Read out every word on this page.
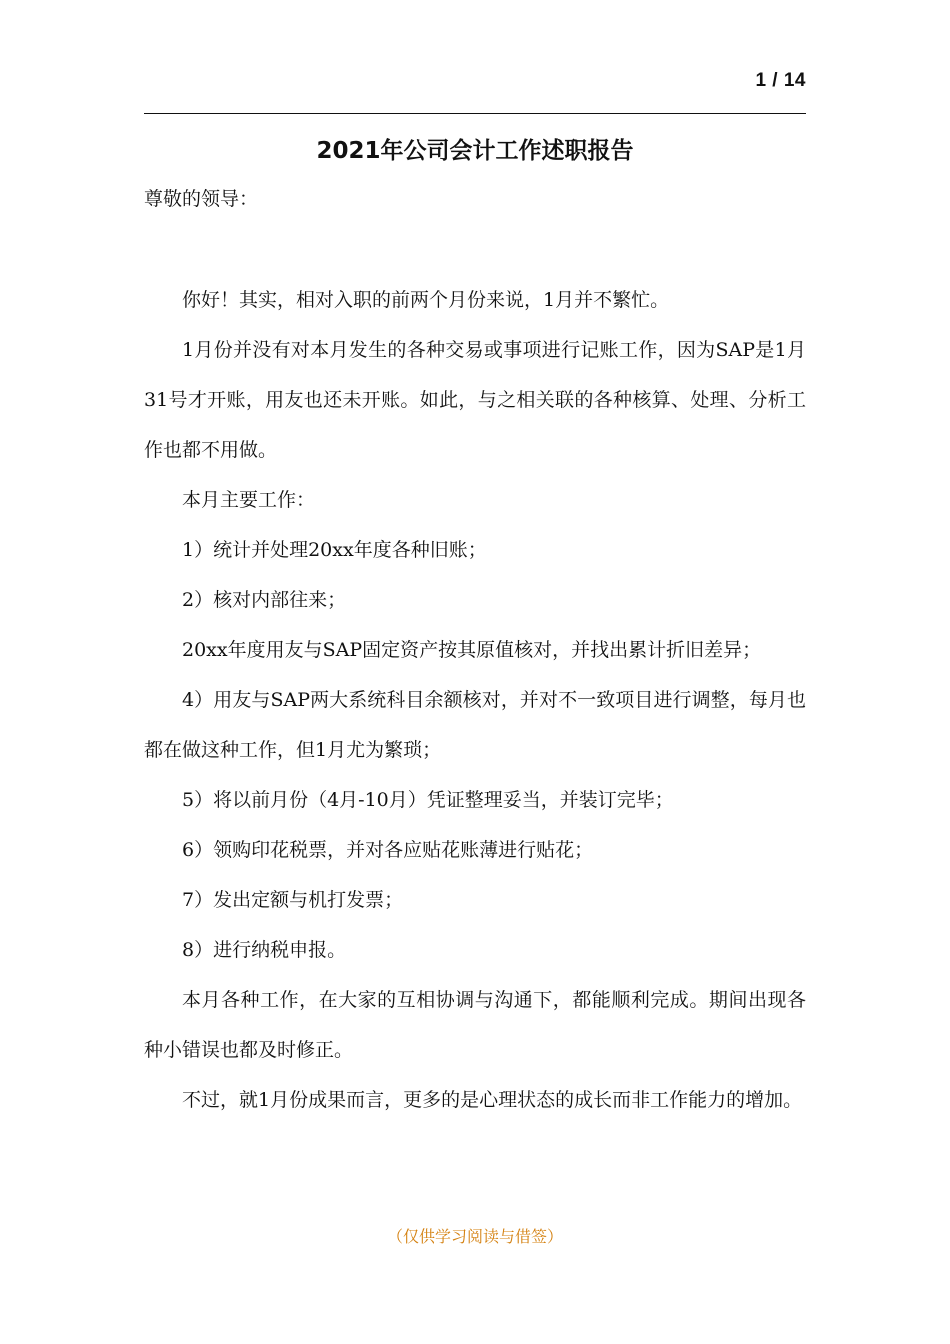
1 / 14
2021年公司会计工作述职报告
尊敬的领导：

你好！其实，相对入职的前两个月份来说，1月并不繁忙。

1月份并没有对本月发生的各种交易或事项进行记账工作，因为SAP是1月31号才开账，用友也还未开账。如此，与之相关联的各种核算、处理、分析工作也都不用做。

本月主要工作：

1）统计并处理20xx年度各种旧账；

2）核对内部往来；

20xx年度用友与SAP固定资产按其原值核对，并找出累计折旧差异；

4）用友与SAP两大系统科目余额核对，并对不一致项目进行调整，每月也都在做这种工作，但1月尤为繁琐；

5）将以前月份（4月-10月）凭证整理妥当，并装订完毕；

6）领购印花税票，并对各应贴花账薄进行贴花；

7）发出定额与机打发票；

8）进行纳税申报。

本月各种工作，在大家的互相协调与沟通下，都能顺利完成。期间出现各种小错误也都及时修正。

不过，就1月份成果而言，更多的是心理状态的成长而非工作能力的增加。

（仅供学习阅读与借签）
